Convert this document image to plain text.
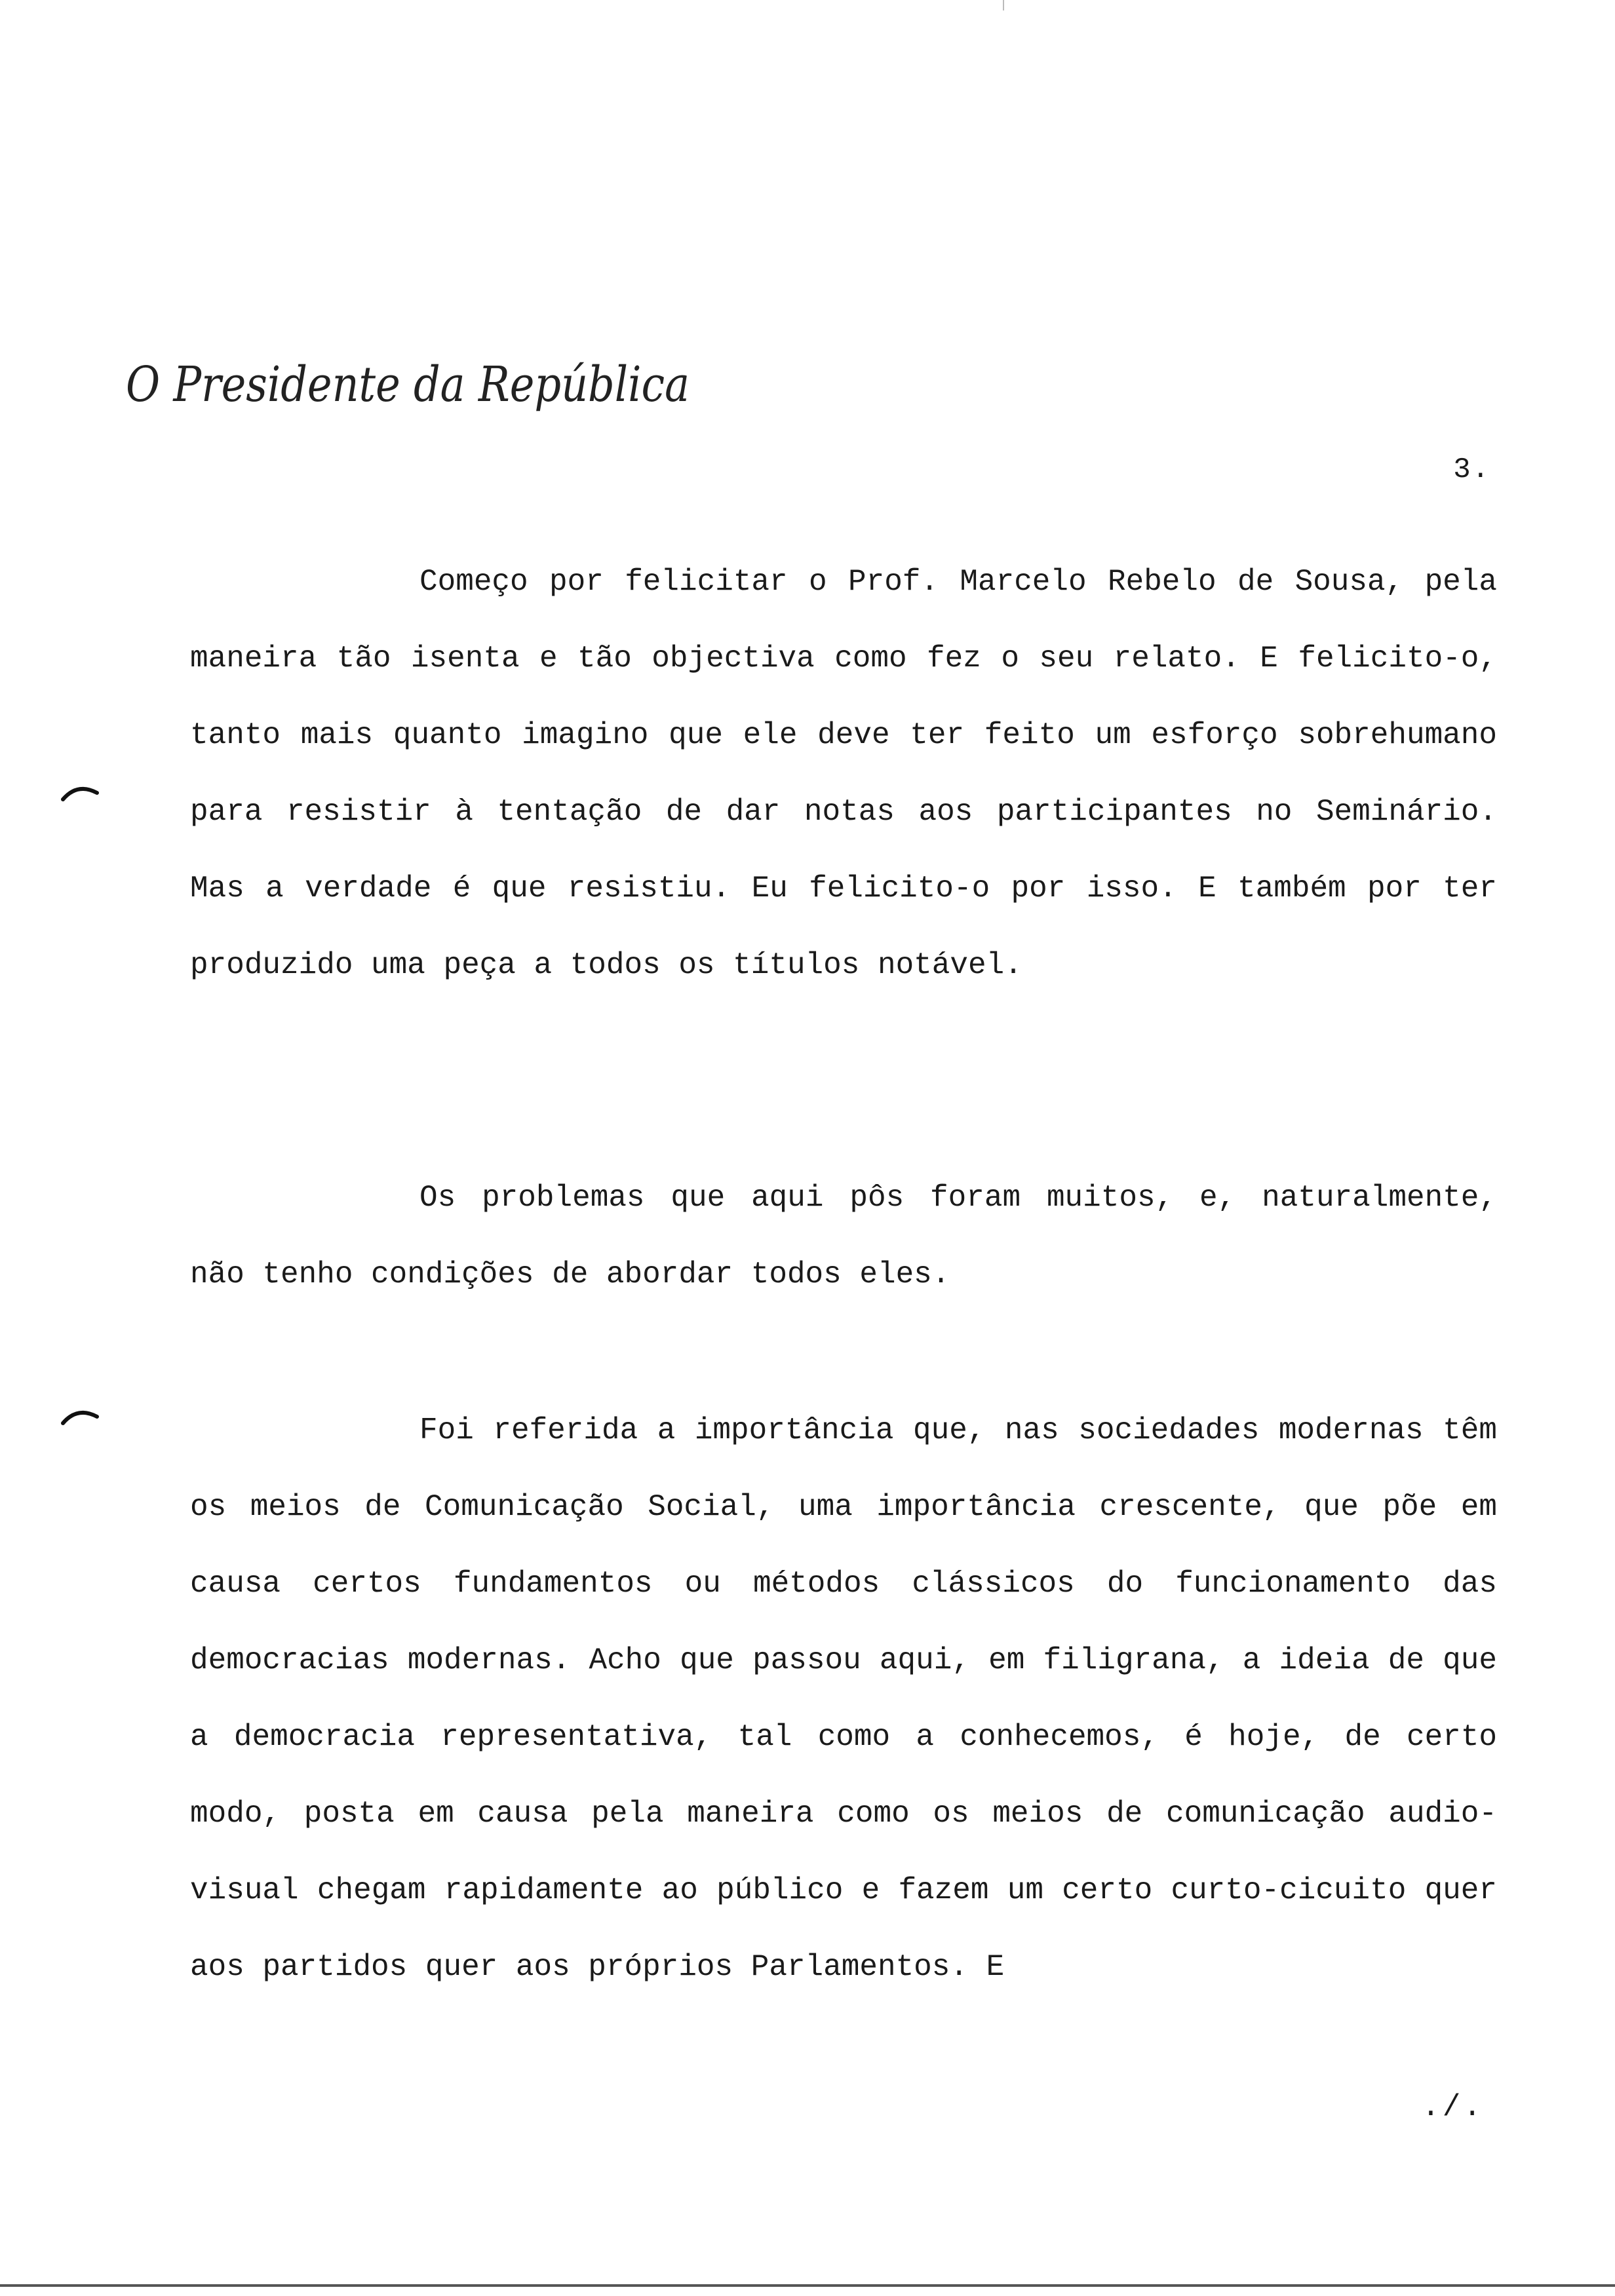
O Presidente da República
3.

Começo por felicitar o Prof. Marcelo Rebelo de Sousa, pela maneira tão isenta e tão objectiva como fez o seu relato. E felicito-o, tanto mais quanto imagino que ele deve ter feito um esforço sobrehumano para resistir à tentação de dar notas aos participantes no Seminário. Mas a verdade é que resistiu. Eu felicito-o por isso. E também por ter produzido uma peça a todos os títulos notável.

Os problemas que aqui pôs foram muitos, e, naturalmente, não tenho condições de abordar todos eles.

Foi referida a importância que, nas sociedades modernas têm os meios de Comunicação Social, uma importância crescente, que põe em causa certos fundamentos ou métodos clássicos do funcionamento das democracias modernas. Acho que passou aqui, em filigrana, a ideia de que a democracia representativa, tal como a conhecemos, é hoje, de certo modo, posta em causa pela maneira como os meios de comunicação audio-visual chegam rapidamente ao público e fazem um certo curto-cicuito quer aos partidos quer aos próprios Parlamentos. E

./.
